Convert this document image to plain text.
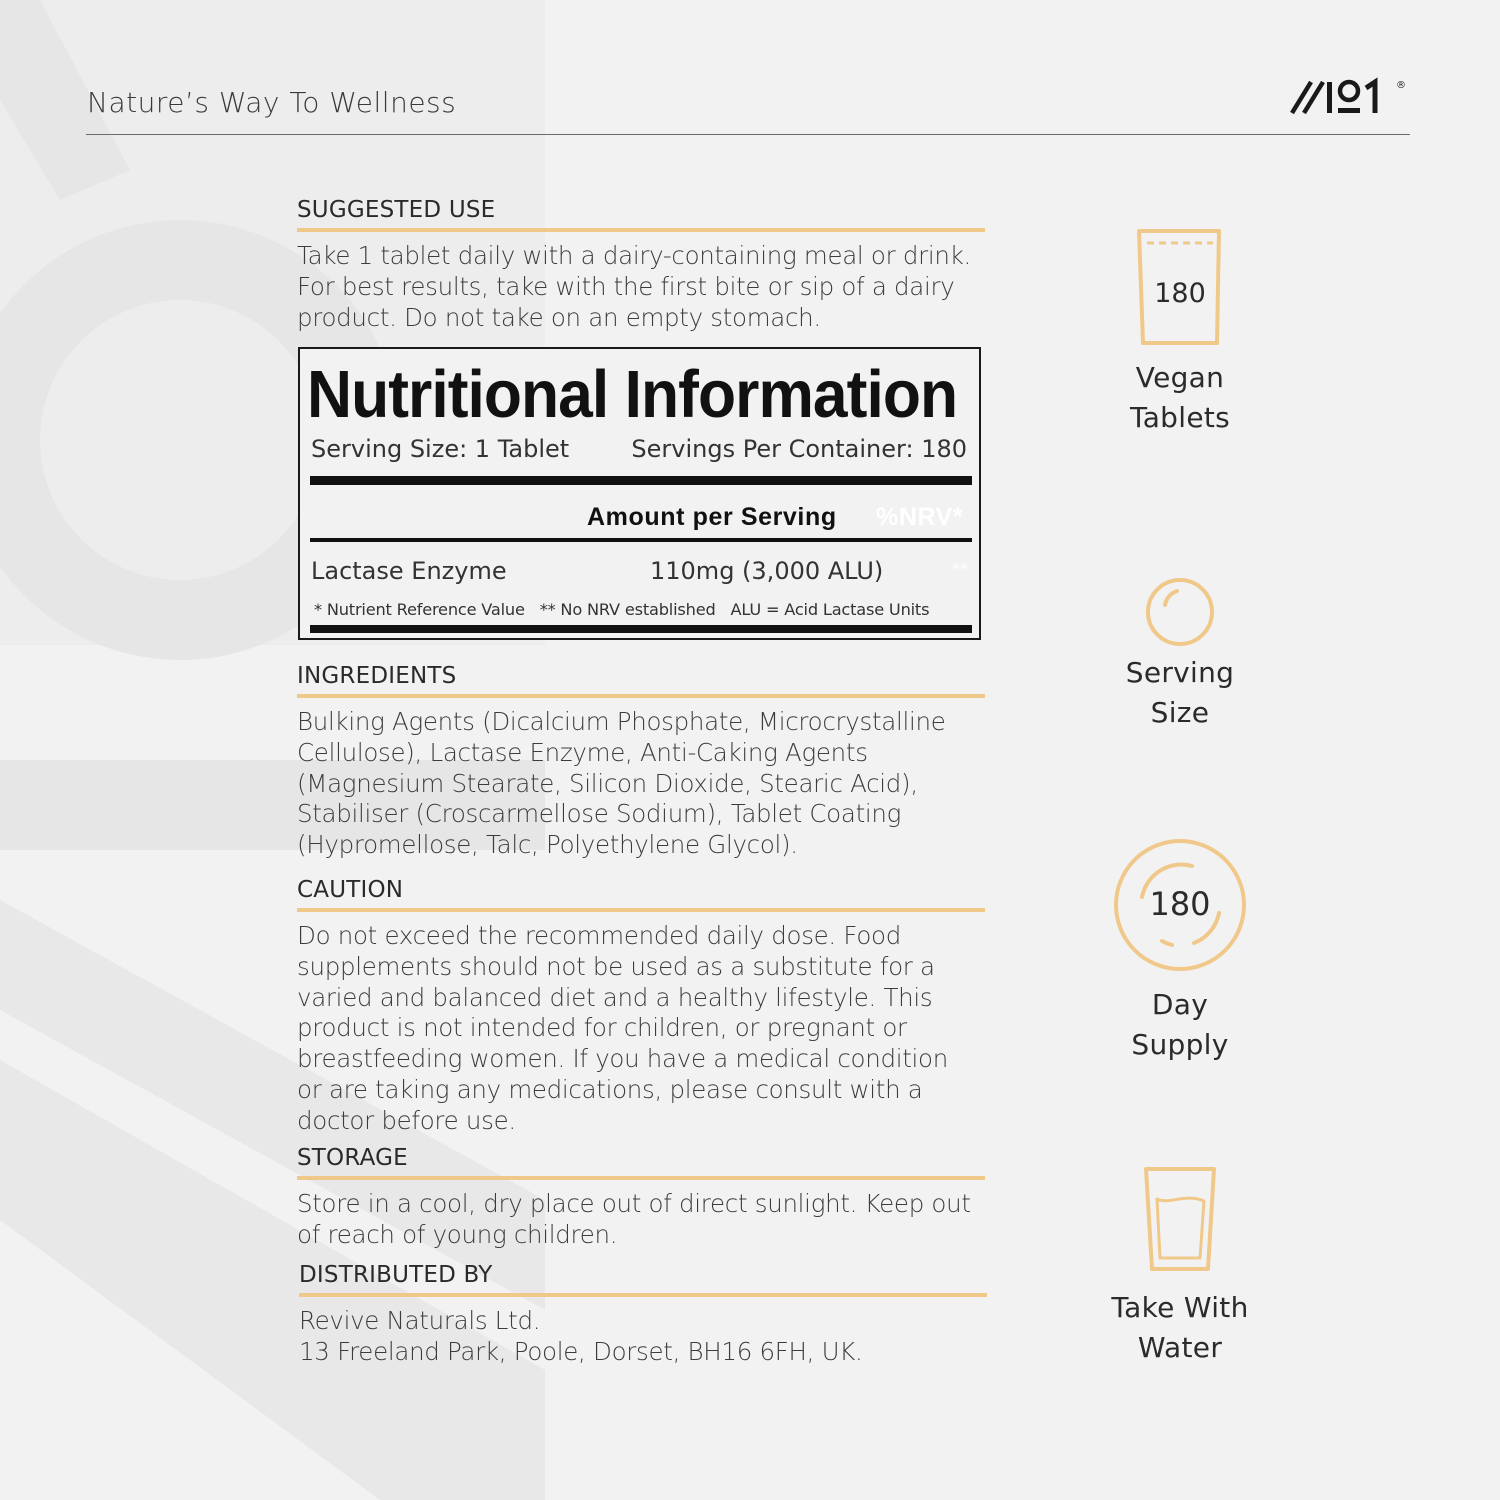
Nature’s Way To Wellness
®
SUGGESTED USE
Take 1 tablet daily with a dairy-containing meal or drink.
For best results, take with the first bite or sip of a dairy
product. Do not take on an empty stomach.
Nutritional Information
Serving Size: 1 Tablet	Servings Per Container: 180
Amount per Serving %NRV*
Lactase Enzyme	110mg (3,000 ALU)	**
* Nutrient Reference Value ** No NRV established ALU = Acid Lactase Units
INGREDIENTS
Bulking Agents (Dicalcium Phosphate, Microcrystalline
Cellulose), Lactase Enzyme, Anti-Caking Agents
(Magnesium Stearate, Silicon Dioxide, Stearic Acid),
Stabiliser (Croscarmellose Sodium), Tablet Coating
(Hypromellose, Talc, Polyethylene Glycol).
CAUTION
Do not exceed the recommended daily dose. Food
supplements should not be used as a substitute for a
varied and balanced diet and a healthy lifestyle. This
product is not intended for children, or pregnant or
breastfeeding women. If you have a medical condition
or are taking any medications, please consult with a
doctor before use.
STORAGE
Store in a cool, dry place out of direct sunlight. Keep out
of reach of young children.
DISTRIBUTED BY
Revive Naturals Ltd.
13 Freeland Park, Poole, Dorset, BH16 6FH, UK.
180
Vegan
Tablets
Serving
Size
180
Day
Supply
Take With
Water
